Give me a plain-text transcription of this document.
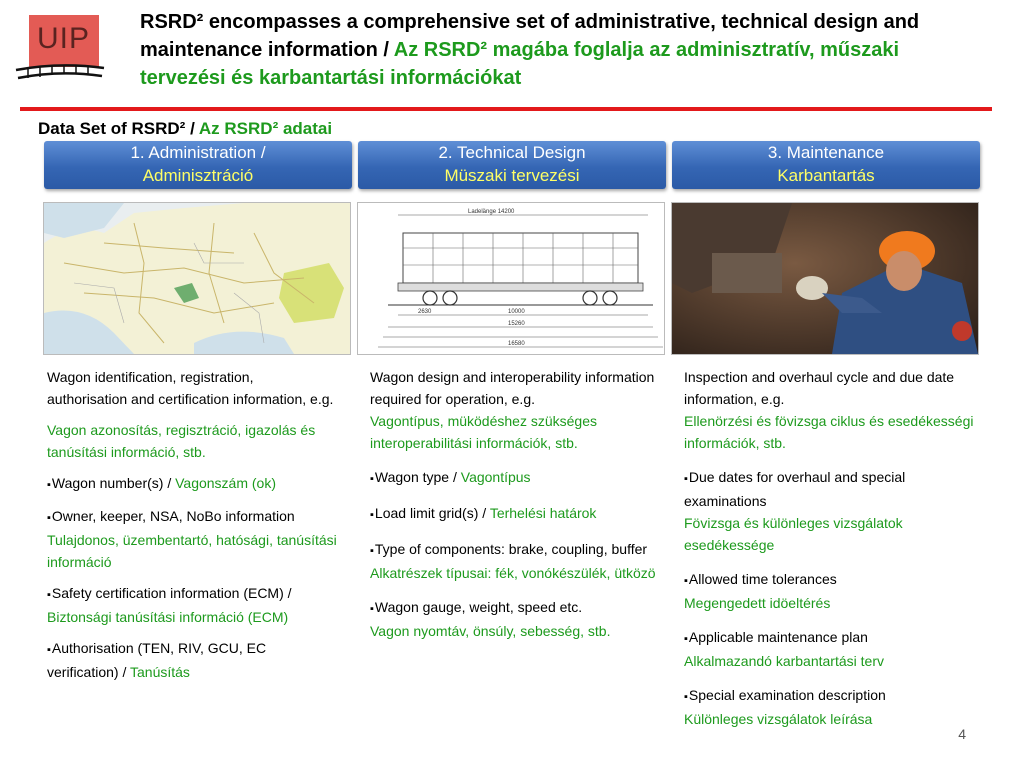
UIP RSRD² encompasses a comprehensive set of administrative, technical design and maintenance information / Az RSRD² magába foglalja az adminisztratív, műszaki tervezési és karbantartási információkat
Data Set of RSRD² / Az RSRD² adatai
1. Administration /
Adminisztráció
2. Technical Design
Müszaki tervezési
3. Maintenance
Karbantartás
Ladelänge 14200
2630	10000
15260
16580

Wagon identification, registration, authorisation and certification information, e.g.

Vagon azonosítás, regisztráció, igazolás és tanúsítási információ, stb.

▪ Wagon number(s) / Vagonszám (ok)

▪ Owner, keeper, NSA, NoBo information
Tulajdonos, üzembentartó, hatósági, tanúsítási információ

▪ Safety certification information (ECM) /
Biztonsági tanúsítási információ (ECM)

▪ Authorisation (TEN, RIV, GCU, EC verification) / Tanúsítás

Wagon design and interoperability information required for operation, e.g.
Vagontípus, müködéshez szükséges interoperabilitási információk, stb.

▪ Wagon type / Vagontípus

▪ Load limit grid(s) / Terhelési határok

▪ Type of components: brake, coupling, buffer
Alkatrészek típusai: fék, vonókészülék, ütközö

▪ Wagon gauge, weight, speed etc.
Vagon nyomtáv, önsúly, sebesség, stb.

Inspection and overhaul cycle and due date information, e.g.
Ellenörzési és fövizsga ciklus és esedékességi információk, stb.

▪ Due dates for overhaul and special examinations
Fövizsga és különleges vizsgálatok esedékessége

▪ Allowed time tolerances
Megengedett idöeltérés

▪ Applicable maintenance plan
Alkalmazandó karbantartási terv

▪ Special examination description
Különleges vizsgálatok leírása

4
